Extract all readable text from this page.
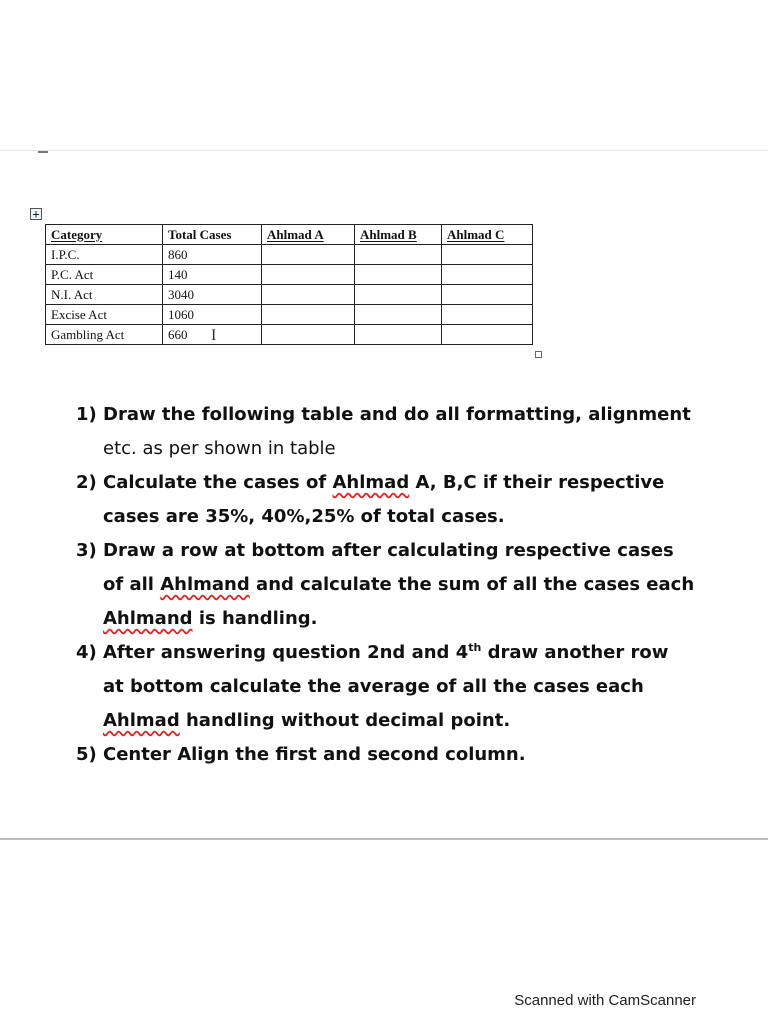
+
Category	Total Cases	Ahlmad A	Ahlmad B	Ahlmad C
I.P.C.	860			
P.C. Act	140			
N.I. Act	3040			
Excise Act	1060			
Gambling Act	660			I
1) Draw the following table and do all formatting, alignment
etc. as per shown in table
2) Calculate the cases of Ahlmad A, B,C if their respective
cases are 35%, 40%,25% of total cases.
3) Draw a row at bottom after calculating respective cases
of all Ahlmand and calculate the sum of all the cases each
Ahlmand is handling.
4) After answering question 2nd and 4th draw another row
at bottom calculate the average of all the cases each
Ahlmad handling without decimal point.
5) Center Align the first and second column.
Scanned with CamScanner
